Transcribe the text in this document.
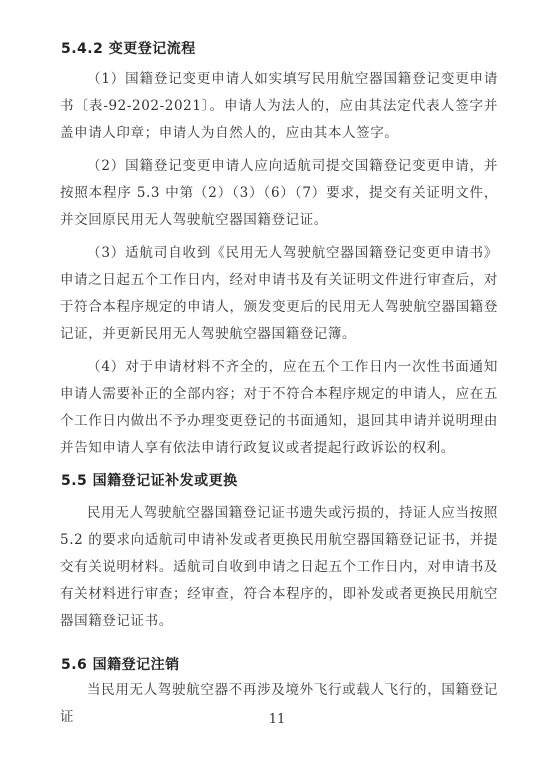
5.4.2 变更登记流程
（1）国籍登记变更申请人如实填写民用航空器国籍登记变更申请书〔表-92-202-2021〕。申请人为法人的，应由其法定代表人签字并盖申请人印章；申请人为自然人的，应由其本人签字。
（2）国籍登记变更申请人应向适航司提交国籍登记变更申请，并按照本程序 5.3 中第（2）（3）（6）（7）要求，提交有关证明文件，并交回原民用无人驾驶航空器国籍登记证。
（3）适航司自收到《民用无人驾驶航空器国籍登记变更申请书》申请之日起五个工作日内，经对申请书及有关证明文件进行审查后，对于符合本程序规定的申请人，颁发变更后的民用无人驾驶航空器国籍登记证，并更新民用无人驾驶航空器国籍登记簿。
（4）对于申请材料不齐全的，应在五个工作日内一次性书面通知申请人需要补正的全部内容；对于不符合本程序规定的申请人，应在五个工作日内做出不予办理变更登记的书面通知，退回其申请并说明理由并告知申请人享有依法申请行政复议或者提起行政诉讼的权利。
5.5 国籍登记证补发或更换
民用无人驾驶航空器国籍登记证书遗失或污损的，持证人应当按照 5.2 的要求向适航司申请补发或者更换民用航空器国籍登记证书，并提交有关说明材料。适航司自收到申请之日起五个工作日内，对申请书及有关材料进行审查；经审查，符合本程序的，即补发或者更换民用航空器国籍登记证书。
5.6 国籍登记注销
当民用无人驾驶航空器不再涉及境外飞行或载人飞行的，国籍登记证	11
